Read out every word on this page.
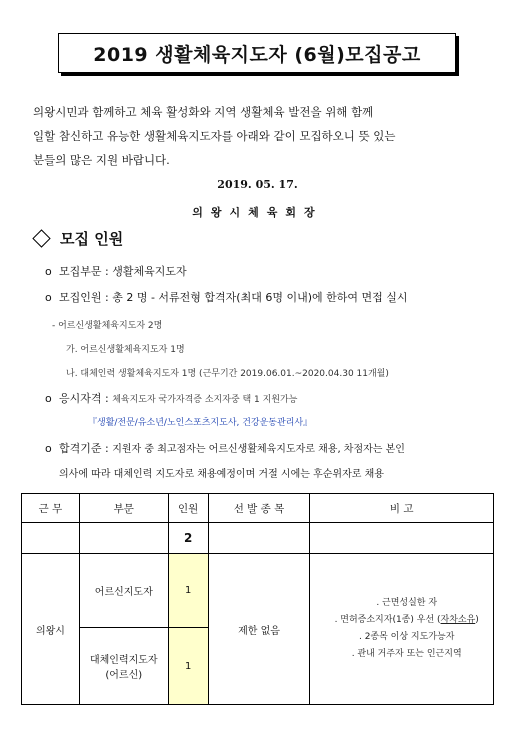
2019 생활체육지도자 (6월)모집공고
의왕시민과 함께하고 체육 활성화와 지역 생활체육 발전을 위해 함께
일할 참신하고 유능한 생활체육지도자를 아래와 같이 모집하오니 뜻 있는
분들의 많은 지원 바랍니다.
2019. 05. 17.
의왕시체육회장
모집 인원
o 모집부문 : 생활체육지도자
o 모집인원 : 총 2 명 - 서류전형 합격자(최대 6명 이내)에 한하여 면접 실시
- 어르신생활체육지도자 2명
가. 어르신생활체육지도자 1명
나. 대체인력 생활체육지도자 1명 (근무기간 2019.06.01.~2020.04.30 11개월)
o 응시자격 : 체육지도자 국가자격증 소지자중 택 1 지원가능
『생활/전문/유소년/노인스포츠지도사, 건강운동관리사』
o 합격기준 : 지원자 중 최고점자는 어르신생활체육지도자로 채용, 차점자는 본인
의사에 따라 대체인력 지도자로 채용예정이며 거절 시에는 후순위자로 채용
근 무	부문	인원	선 발 종 목	비 고
		2		
의왕시	어르신지도자	1	제한 없음	. 근면성실한 자
. 면허증소지자(1종) 우선 (자차소유)
. 2종목 이상 지도가능자
. 관내 거주자 또는 인근지역

	대체인력지도자
(어르신)	1		
